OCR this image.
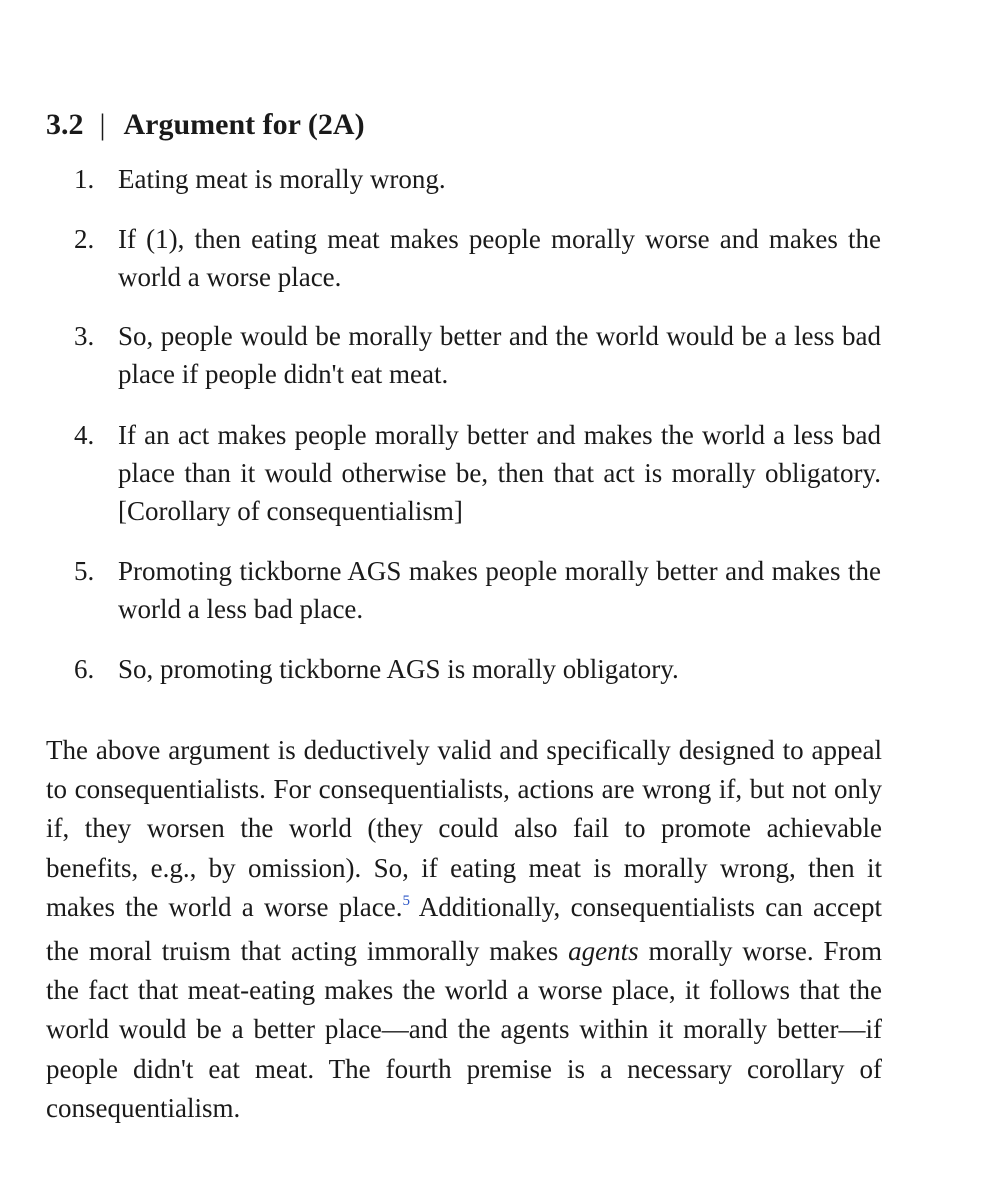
3.2 | Argument for (2A)
1. Eating meat is morally wrong.
2. If (1), then eating meat makes people morally worse and makes the world a worse place.
3. So, people would be morally better and the world would be a less bad place if people didn't eat meat.
4. If an act makes people morally better and makes the world a less bad place than it would otherwise be, then that act is morally obligatory. [Corollary of consequentialism]
5. Promoting tickborne AGS makes people morally better and makes the world a less bad place.
6. So, promoting tickborne AGS is morally obligatory.

The above argument is deductively valid and specifically designed to appeal to consequentialists. For consequentialists, actions are wrong if, but not only if, they worsen the world (they could also fail to promote achievable benefits, e.g., by omission). So, if eating meat is morally wrong, then it makes the world a worse place.$^5$ Additionally, consequentialists can accept the moral truism that acting immorally makes agents morally worse. From the fact that meat-eating makes the world a worse place, it follows that the world would be a better place—and the agents within it morally better—if people didn't eat meat. The fourth premise is a necessary corollary of consequentialism.
